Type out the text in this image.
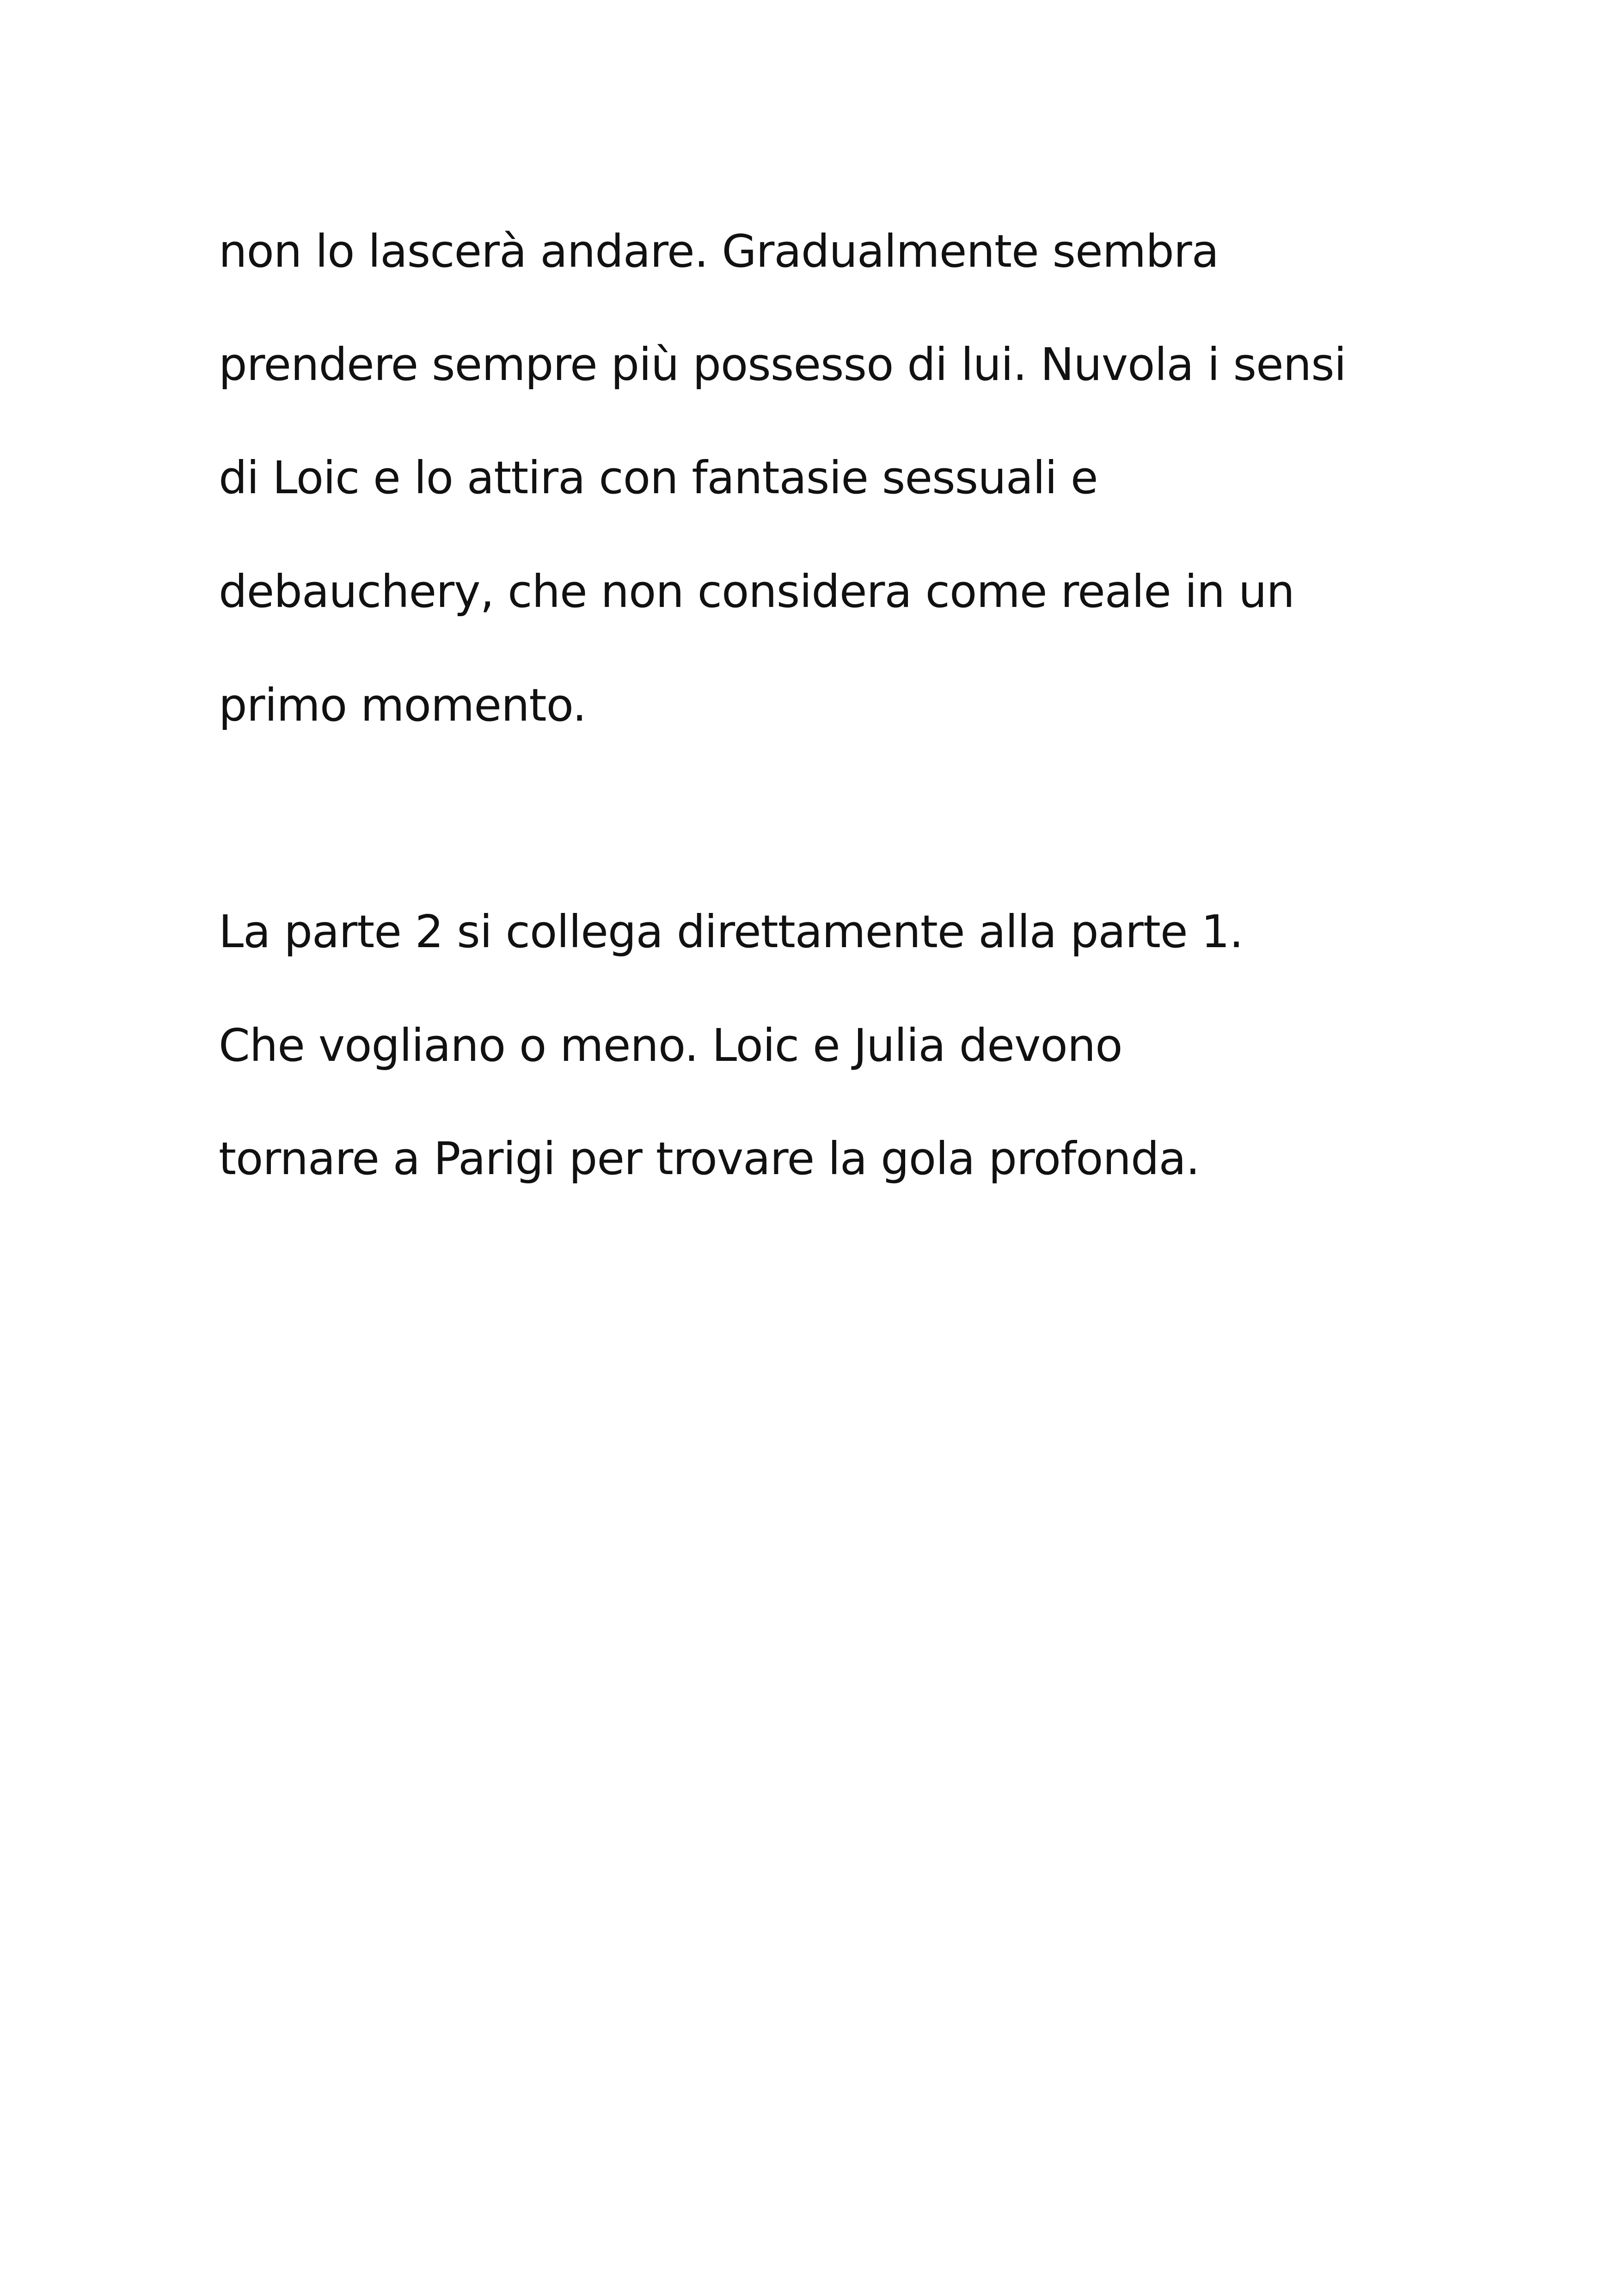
non lo lascerà andare. Gradualmente sembra

prendere sempre più possesso di lui. Nuvola i sensi

di Loic e lo attira con fantasie sessuali e

debauchery, che non considera come reale in un

primo momento.

La parte 2 si collega direttamente alla parte 1.

Che vogliano o meno. Loic e Julia devono

tornare a Parigi per trovare la gola profonda.
